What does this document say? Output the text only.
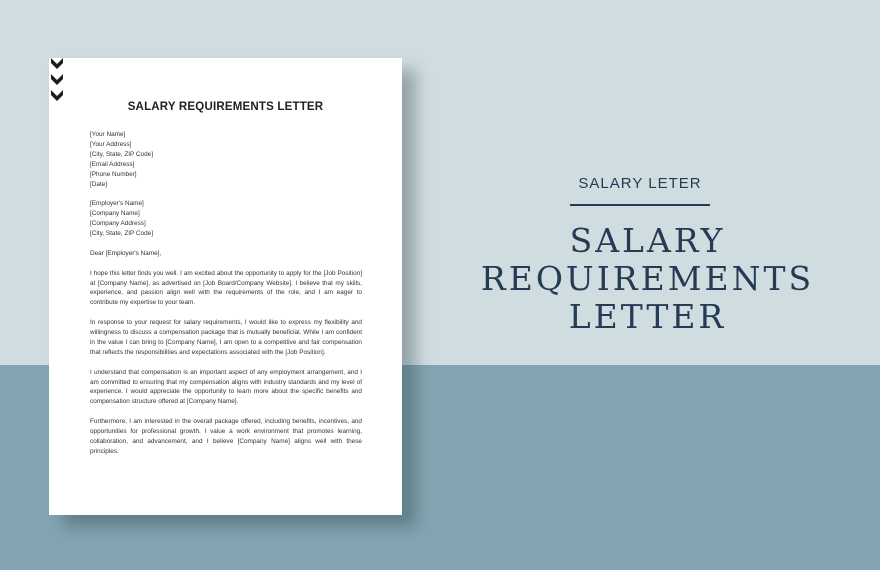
SALARY REQUIREMENTS LETTER
[Your Name]
[Your Address]
[City, State, ZIP Code]
[Email Address]
[Phone Number]
[Date]
[Employer's Name]
[Company Name]
[Company Address]
[City, State, ZIP Code]

Dear [Employer's Name],

I hope this letter finds you well. I am excited about the opportunity to apply for the [Job Position] at [Company Name], as advertised on [Job Board/Company Website]. I believe that my skills, experience, and passion align well with the requirements of the role, and I am eager to contribute my expertise to your team.

In response to your request for salary requirements, I would like to express my flexibility and willingness to discuss a compensation package that is mutually beneficial. While I am confident in the value I can bring to [Company Name], I am open to a competitive and fair compensation that reflects the responsibilities and expectations associated with the [Job Position].

I understand that compensation is an important aspect of any employment arrangement, and I am committed to ensuring that my compensation aligns with industry standards and my level of experience. I would appreciate the opportunity to learn more about the specific benefits and compensation structure offered at [Company Name].

Furthermore, I am interested in the overall package offered, including benefits, incentives, and opportunities for professional growth. I value a work environment that promotes learning, collaboration, and advancement, and I believe [Company Name] aligns well with these principles.

SALARY LETER
SALARY
REQUIREMENTS
LETTER
